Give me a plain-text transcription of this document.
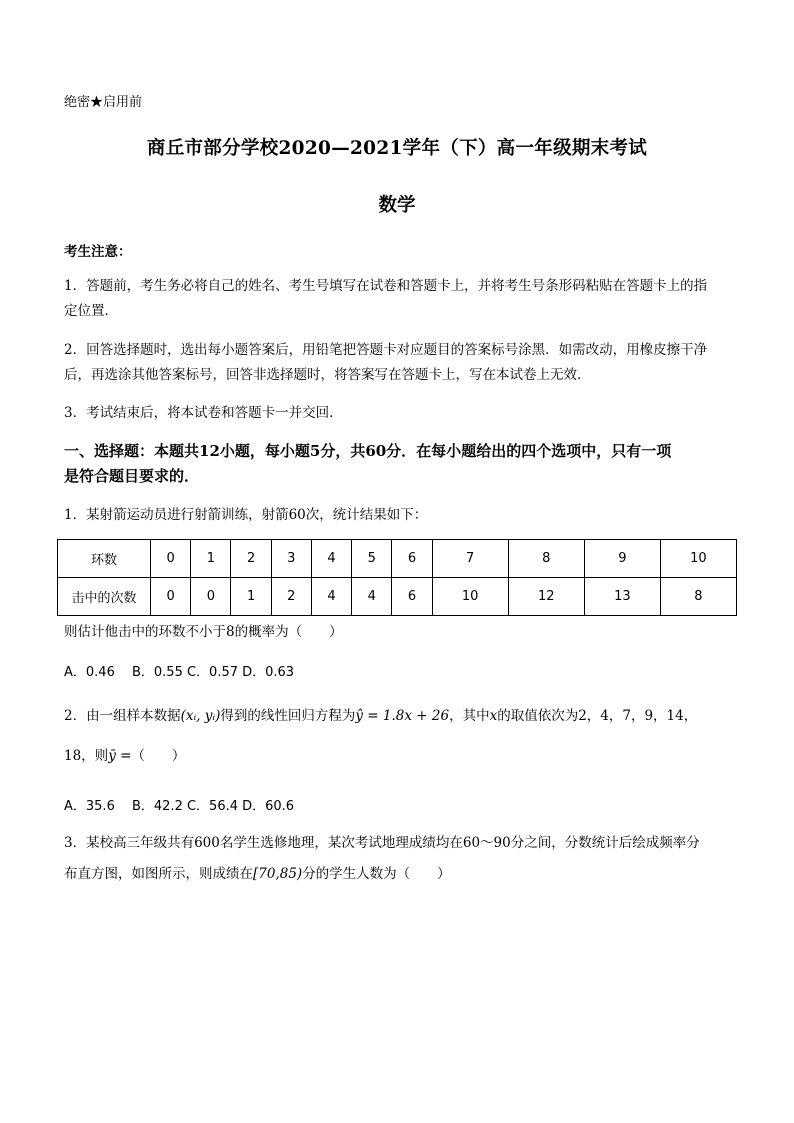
绝密★启用前
商丘市部分学校2020—2021学年（下）高一年级期末考试
数学
考生注意：
1．答题前，考生务必将自己的姓名、考生号填写在试卷和答题卡上，并将考生号条形码粘贴在答题卡上的指
定位置．
2．回答选择题时，选出每小题答案后，用铅笔把答题卡对应题目的答案标号涂黑．如需改动，用橡皮擦干净
后，再选涂其他答案标号，回答非选择题时，将答案写在答题卡上，写在本试卷上无效．
3．考试结束后，将本试卷和答题卡一并交回．
一、选择题：本题共12小题，每小题5分，共60分．在每小题给出的四个选项中，只有一项
是符合题目要求的．
1．某射箭运动员进行射箭训练，射箭60次，统计结果如下：
环数	0	1	2	3	4	5	6	7	8	9	10
击中的次数	0	0	1	2	4	4	6	10	12	13	8
则估计他击中的环数不小于8的概率为（　　）
A．0.46　 B．0.55 C．0.57 D．0.63
2．由一组样本数据(xᵢ, yᵢ)得到的线性回归方程为ŷ = 1.8x + 26，其中x的取值依次为2，4，7，9，14，
18，则ȳ =（　　）
A．35.6　 B．42.2 C．56.4 D．60.6
3．某校高三年级共有600名学生选修地理，某次考试地理成绩均在60～90分之间，分数统计后绘成频率分
布直方图，如图所示，则成绩在[70,85)分的学生人数为（　　）
